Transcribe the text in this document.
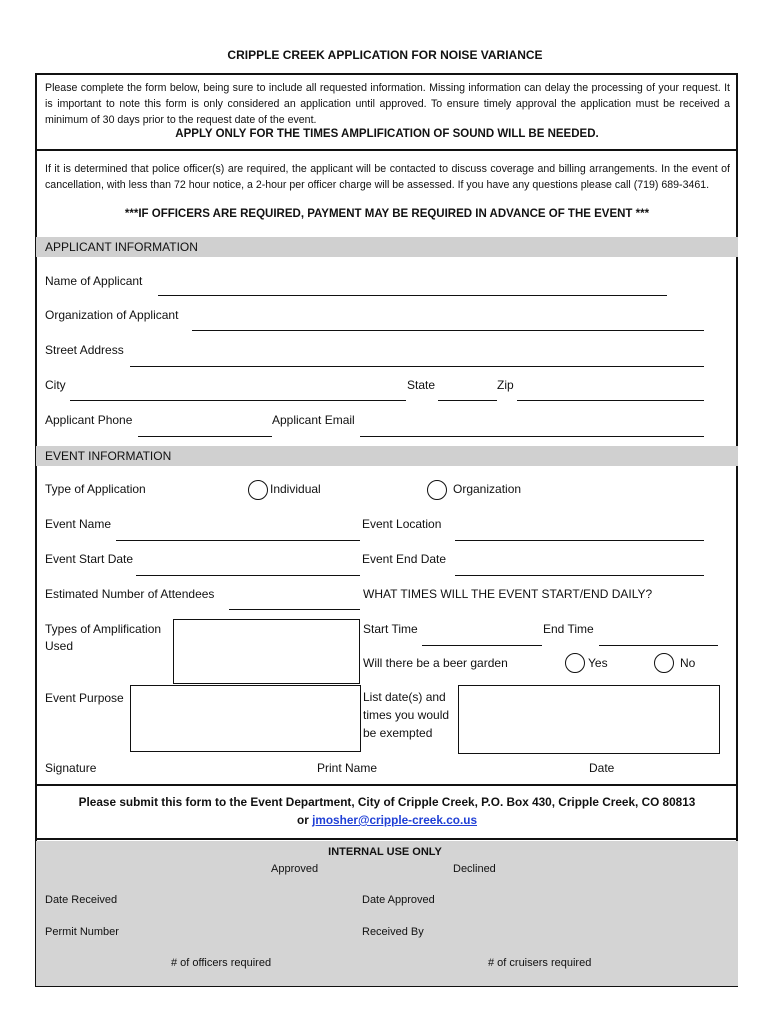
CRIPPLE CREEK APPLICATION FOR NOISE VARIANCE
Please complete the form below, being sure to include all requested information. Missing information can delay the processing of your request. It is important to note this form is only considered an application until approved. To ensure timely approval the application must be received a minimum of 30 days prior to the request date of the event.
APPLY ONLY FOR THE TIMES AMPLIFICATION OF SOUND WILL BE NEEDED.
If it is determined that police officer(s) are required, the applicant will be contacted to discuss coverage and billing arrangements. In the event of cancellation, with less than 72 hour notice, a 2-hour per officer charge will be assessed. If you have any questions please call (719) 689-3461.
***IF OFFICERS ARE REQUIRED, PAYMENT MAY BE REQUIRED IN ADVANCE OF THE EVENT ***
APPLICANT INFORMATION
Name of Applicant
Organization of Applicant
Street Address
City	State	Zip
Applicant Phone	Applicant Email
EVENT INFORMATION
Type of Application	Individual	Organization
Event Name	Event Location
Event Start Date	Event End Date
Estimated Number of Attendees	WHAT TIMES WILL THE EVENT START/END DAILY?
Types of Amplification
Used
Start Time	End Time
Will there be a beer garden	Yes	No
Event Purpose	List date(s) and
times you would
be exempted
Signature	Print Name	Date
Please submit this form to the Event Department, City of Cripple Creek, P.O. Box 430, Cripple Creek, CO 80813
or jmosher@cripple-creek.co.us
INTERNAL USE ONLY
Approved	Declined
Date Received	Date Approved
Permit Number	Received By
# of officers required	# of cruisers required
